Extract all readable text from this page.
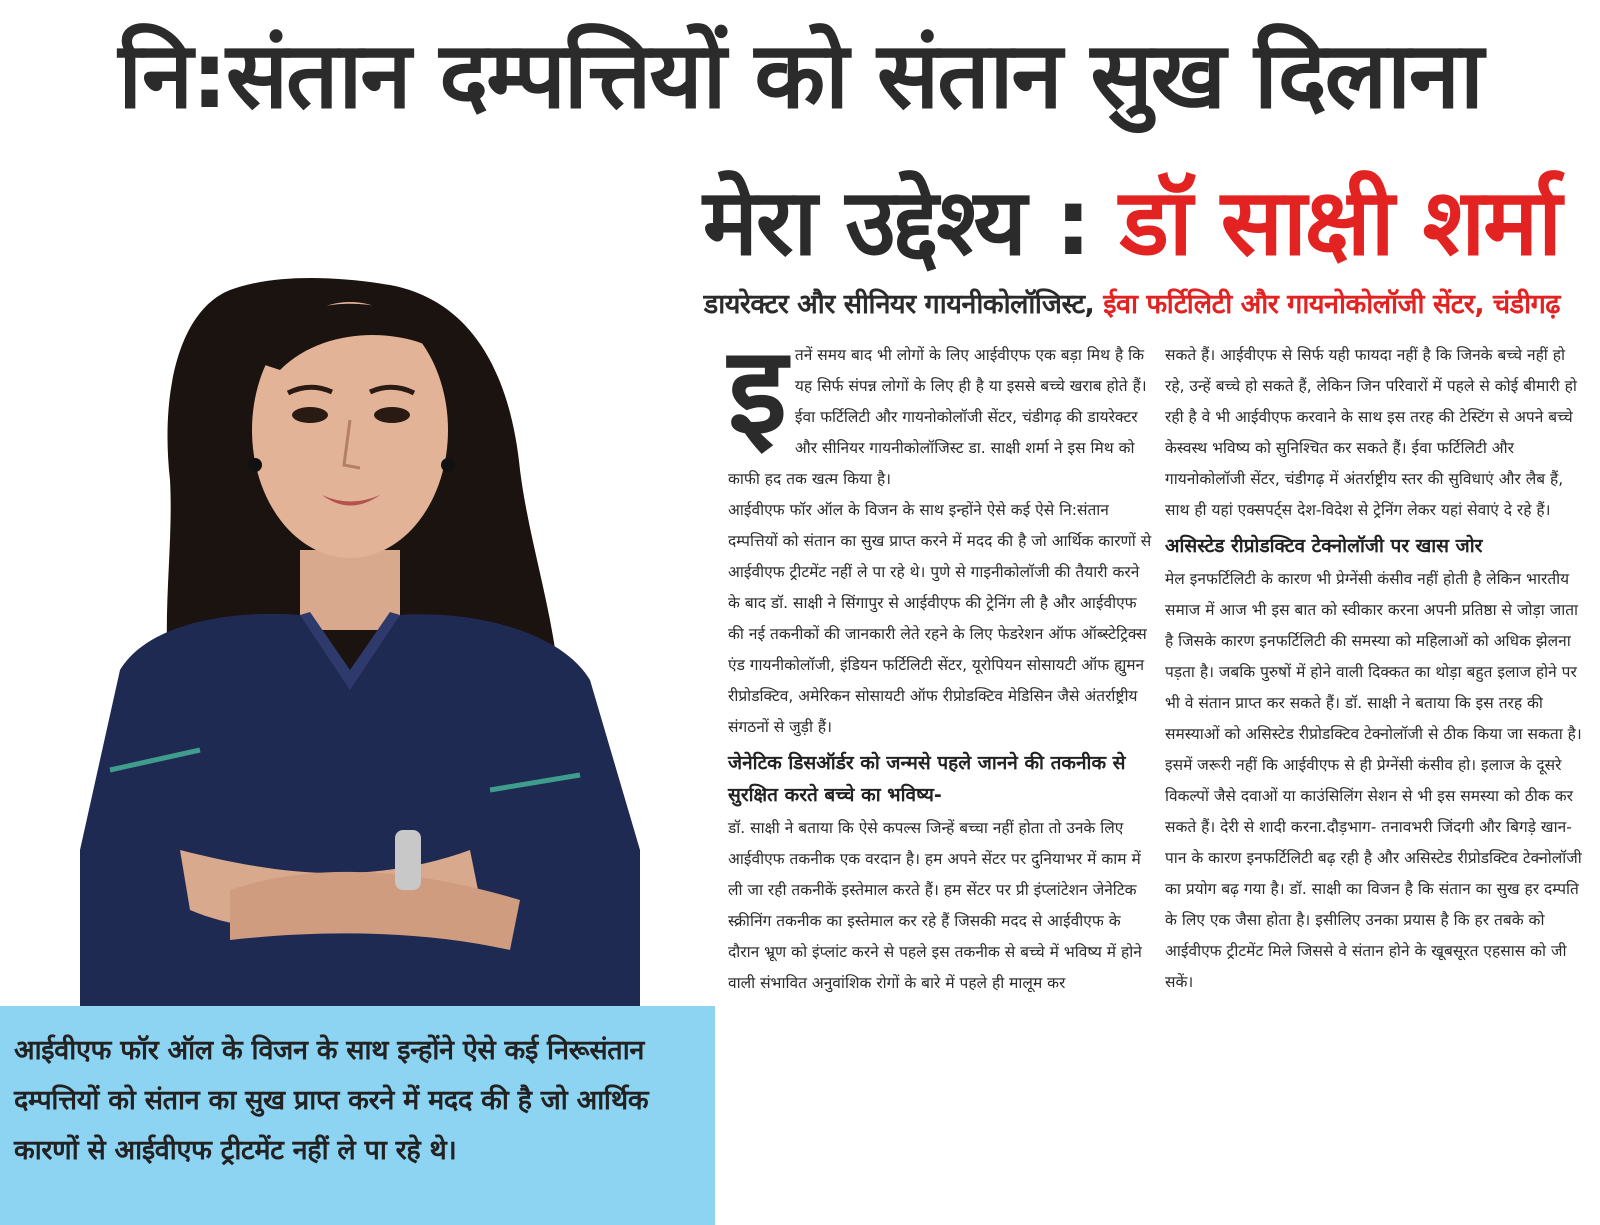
नि:संतान दम्पत्तियों को संतान सुख दिलाना
मेरा उद्देश्य : डॉ साक्षी शर्मा
डायरेक्टर और सीनियर गायनीकोलॉजिस्ट, ईवा फर्टिलिटी और गायनोकोलॉजी सेंटर, चंडीगढ़

आईवीएफ फॉर ऑल के विजन के साथ इन्होंने ऐसे कई निरूसंतान दम्पत्तियों को संतान का सुख प्राप्त करने में मदद की है जो आर्थिक कारणों से आईवीएफ ट्रीटमेंट नहीं ले पा रहे थे।

इतनें समय बाद भी लोगों के लिए आईवीएफ एक बड़ा मिथ है कि यह सिर्फ संपन्न लोगों के लिए ही है या इससे बच्चे खराब होते हैं। ईवा फर्टिलिटी और गायनोकोलॉजी सेंटर, चंडीगढ़ की डायरेक्टर और सीनियर गायनीकोलॉजिस्ट डा. साक्षी शर्मा ने इस मिथ को काफी हद तक खत्म किया है।

आईवीएफ फॉर ऑल के विजन के साथ इन्होंने ऐसे कई ऐसे नि:संतान दम्पत्तियों को संतान का सुख प्राप्त करने में मदद की है जो आर्थिक कारणों से आईवीएफ ट्रीटमेंट नहीं ले पा रहे थे। पुणे से गाइनीकोलॉजी की तैयारी करने के बाद डॉ. साक्षी ने सिंगापुर से आईवीएफ की ट्रेनिंग ली है और आईवीएफ की नई तकनीकों की जानकारी लेते रहने के लिए फेडरेशन ऑफ ऑब्स्टेट्रिक्स एंड गायनीकोलॉजी, इंडियन फर्टिलिटी सेंटर, यूरोपियन सोसायटी ऑफ ह्युमन रीप्रोडक्टिव, अमेरिकन सोसायटी ऑफ रीप्रोडक्टिव मेडिसिन जैसे अंतर्राष्ट्रीय संगठनों से जुड़ी हैं।

जेनेटिक डिसऑर्डर को जन्मसे पहले जानने की तकनीक से सुरक्षित करते बच्चे का भविष्य-

डॉ. साक्षी ने बताया कि ऐसे कपल्स जिन्हें बच्चा नहीं होता तो उनके लिए आईवीएफ तकनीक एक वरदान है। हम अपने सेंटर पर दुनियाभर में काम में ली जा रही तकनीकें इस्तेमाल करते हैं। हम सेंटर पर प्री इंप्लांटेशन जेनेटिक स्क्रीनिंग तकनीक का इस्तेमाल कर रहे हैं जिसकी मदद से आईवीएफ के दौरान भ्रूण को इंप्लांट करने से पहले इस तकनीक से बच्चे में भविष्य में होने वाली संभावित अनुवांशिक रोगों के बारे में पहले ही मालूम कर

सकते हैं। आईवीएफ से सिर्फ यही फायदा नहीं है कि जिनके बच्चे नहीं हो रहे, उन्हें बच्चे हो सकते हैं, लेकिन जिन परिवारों में पहले से कोई बीमारी हो रही है वे भी आईवीएफ करवाने के साथ इस तरह की टेस्टिंग से अपने बच्चे केस्वस्थ भविष्य को सुनिश्चित कर सकते हैं। ईवा फर्टिलिटी और गायनोकोलॉजी सेंटर, चंडीगढ़ में अंतर्राष्ट्रीय स्तर की सुविधाएं और लैब हैं, साथ ही यहां एक्सपर्ट्स देश-विदेश से ट्रेनिंग लेकर यहां सेवाएं दे रहे हैं।

असिस्टेड रीप्रोडक्टिव टेक्नोलॉजी पर खास जोर

मेल इनफर्टिलिटी के कारण भी प्रेग्नेंसी कंसीव नहीं होती है लेकिन भारतीय समाज में आज भी इस बात को स्वीकार करना अपनी प्रतिष्ठा से जोड़ा जाता है जिसके कारण इनफर्टिलिटी की समस्या को महिलाओं को अधिक झेलना पड़ता है। जबकि पुरुषों में होने वाली दिक्कत का थोड़ा बहुत इलाज होने पर भी वे संतान प्राप्त कर सकते हैं। डॉ. साक्षी ने बताया कि इस तरह की समस्याओं को असिस्टेड रीप्रोडक्टिव टेक्नोलॉजी से ठीक किया जा सकता है। इसमें जरूरी नहीं कि आईवीएफ से ही प्रेग्नेंसी कंसीव हो। इलाज के दूसरे विकल्पों जैसे दवाओं या काउंसिलिंग सेशन से भी इस समस्या को ठीक कर सकते हैं। देरी से शादी करना.दौड़भाग- तनावभरी जिंदगी और बिगड़े खान-पान के कारण इनफर्टिलिटी बढ़ रही है और असिस्टेड रीप्रोडक्टिव टेक्नोलॉजी का प्रयोग बढ़ गया है। डॉ. साक्षी का विजन है कि संतान का सुख हर दम्पति के लिए एक जैसा होता है। इसीलिए उनका प्रयास है कि हर तबके को आईवीएफ ट्रीटमेंट मिले जिससे वे संतान होने के खूबसूरत एहसास को जी सकें।
